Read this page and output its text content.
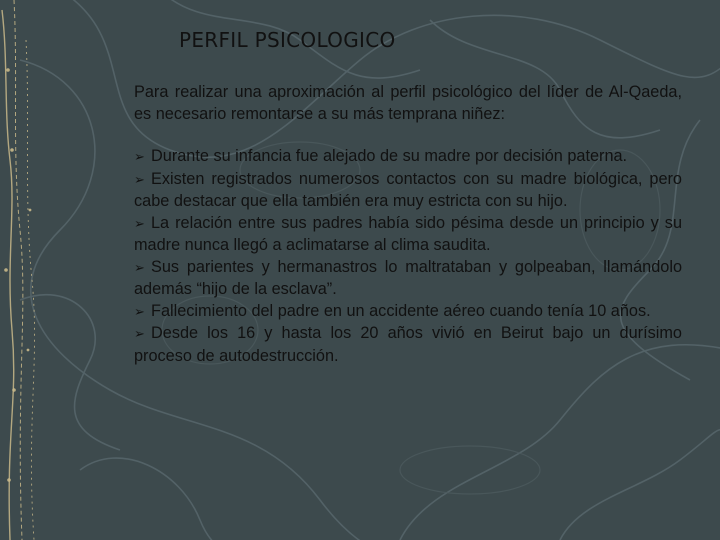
PERFIL PSICOLOGICO

Para realizar una aproximación al perfil psicológico del líder de Al-Qaeda, es necesario remontarse a su más temprana niñez:

➢ Durante su infancia fue alejado de su madre por decisión paterna.
➢ Existen registrados numerosos contactos con su madre biológica, pero cabe destacar que ella también era muy estricta con su hijo.
➢ La relación entre sus padres había sido pésima desde un principio y su madre nunca llegó a aclimatarse al clima saudita.
➢ Sus parientes y hermanastros lo maltrataban y golpeaban, llamándolo además “hijo de la esclava”.
➢ Fallecimiento del padre en un accidente aéreo cuando tenía 10 años.
➢ Desde los 16 y hasta los 20 años vivió en Beirut bajo un durísimo proceso de autodestrucción.
